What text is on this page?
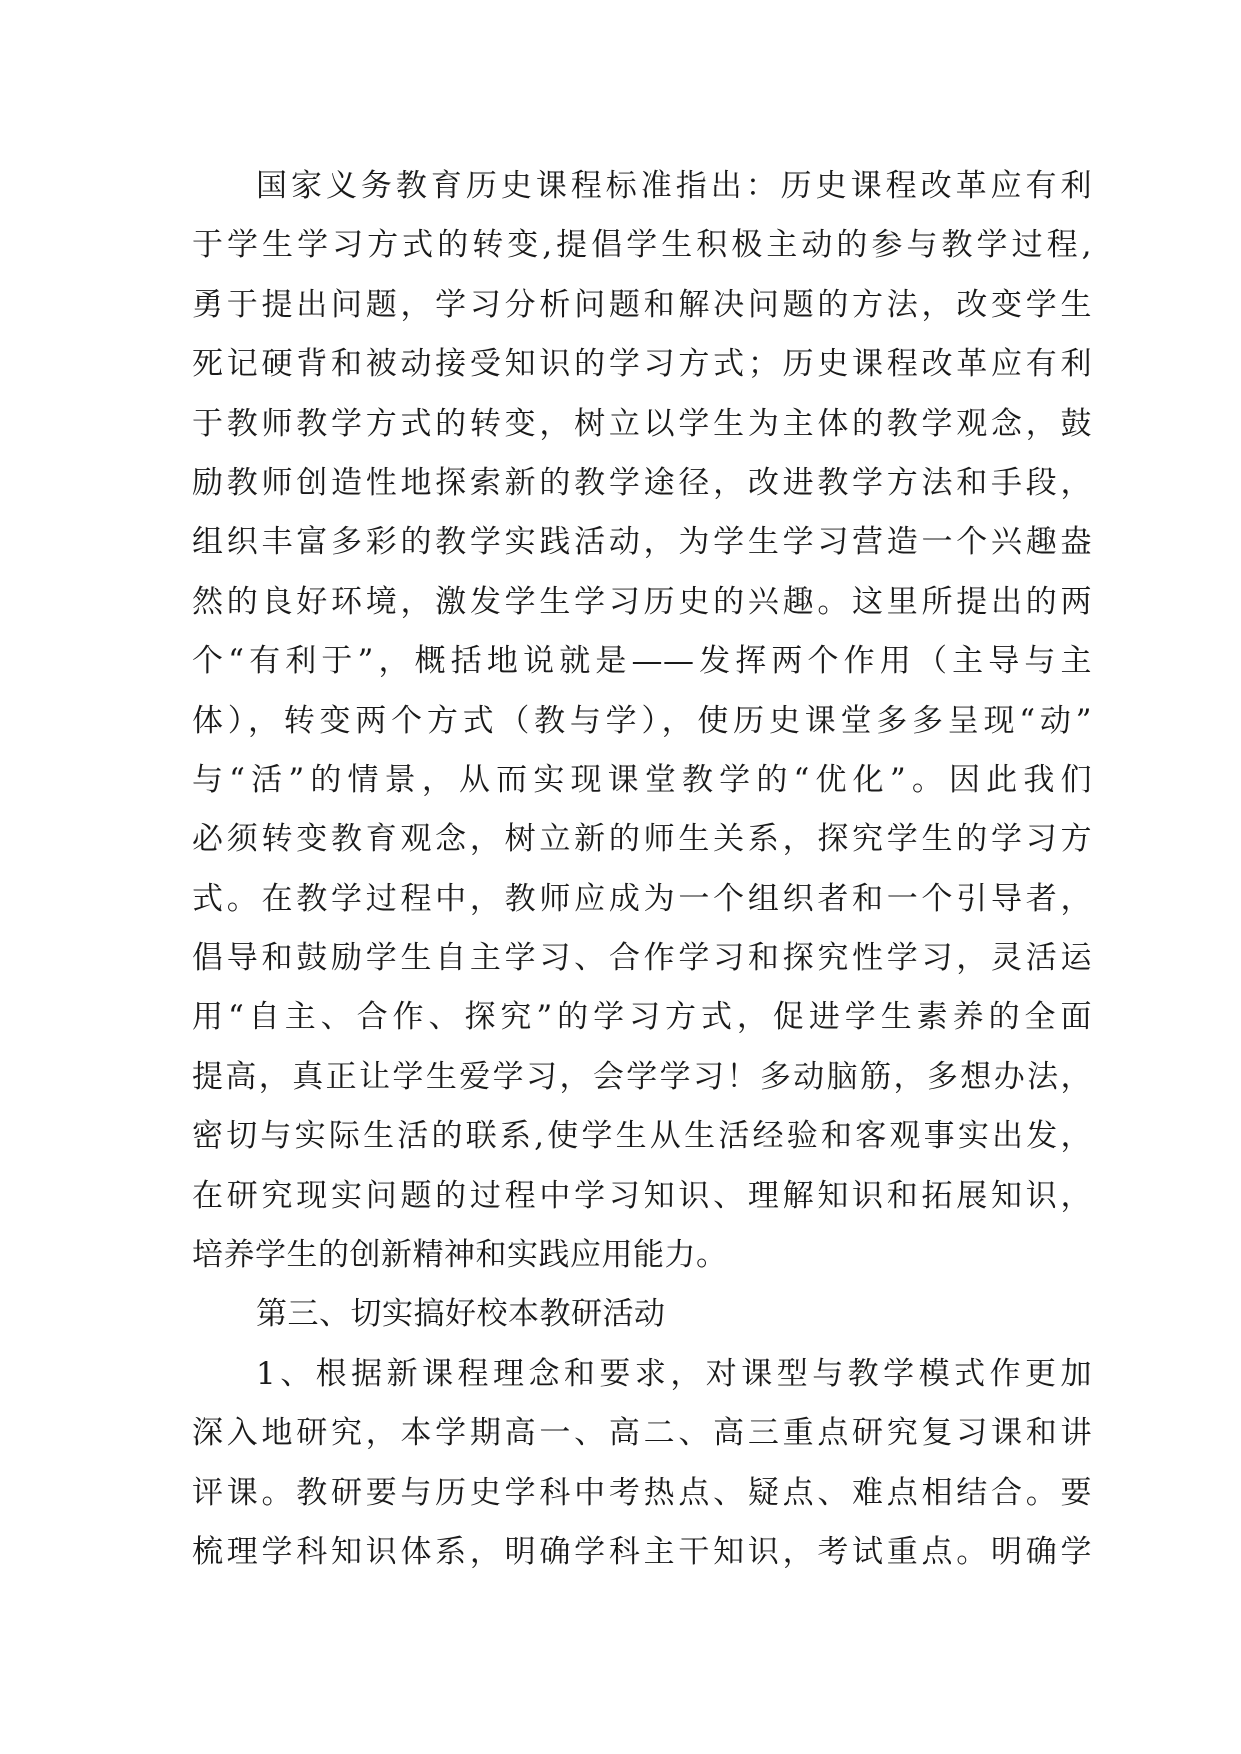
国家义务教育历史课程标准指出：历史课程改革应有利
于学生学习方式的转变,提倡学生积极主动的参与教学过程,
勇于提出问题，学习分析问题和解决问题的方法，改变学生
死记硬背和被动接受知识的学习方式；历史课程改革应有利
于教师教学方式的转变，树立以学生为主体的教学观念，鼓
励教师创造性地探索新的教学途径，改进教学方法和手段，
组织丰富多彩的教学实践活动，为学生学习营造一个兴趣盎
然的良好环境，激发学生学习历史的兴趣。这里所提出的两
个“有利于”，概括地说就是——发挥两个作用（主导与主
体），转变两个方式（教与学），使历史课堂多多呈现“动”
与“活”的情景，从而实现课堂教学的“优化”。因此我们
必须转变教育观念，树立新的师生关系，探究学生的学习方
式。在教学过程中，教师应成为一个组织者和一个引导者，
倡导和鼓励学生自主学习、合作学习和探究性学习，灵活运
用“自主、合作、探究”的学习方式，促进学生素养的全面
提高，真正让学生爱学习，会学学习！多动脑筋，多想办法，
密切与实际生活的联系,使学生从生活经验和客观事实出发，
在研究现实问题的过程中学习知识、理解知识和拓展知识，
培养学生的创新精神和实践应用能力。
第三、切实搞好校本教研活动
1、根据新课程理念和要求，对课型与教学模式作更加
深入地研究，本学期高一、高二、高三重点研究复习课和讲
评课。教研要与历史学科中考热点、疑点、难点相结合。要
梳理学科知识体系，明确学科主干知识，考试重点。明确学
